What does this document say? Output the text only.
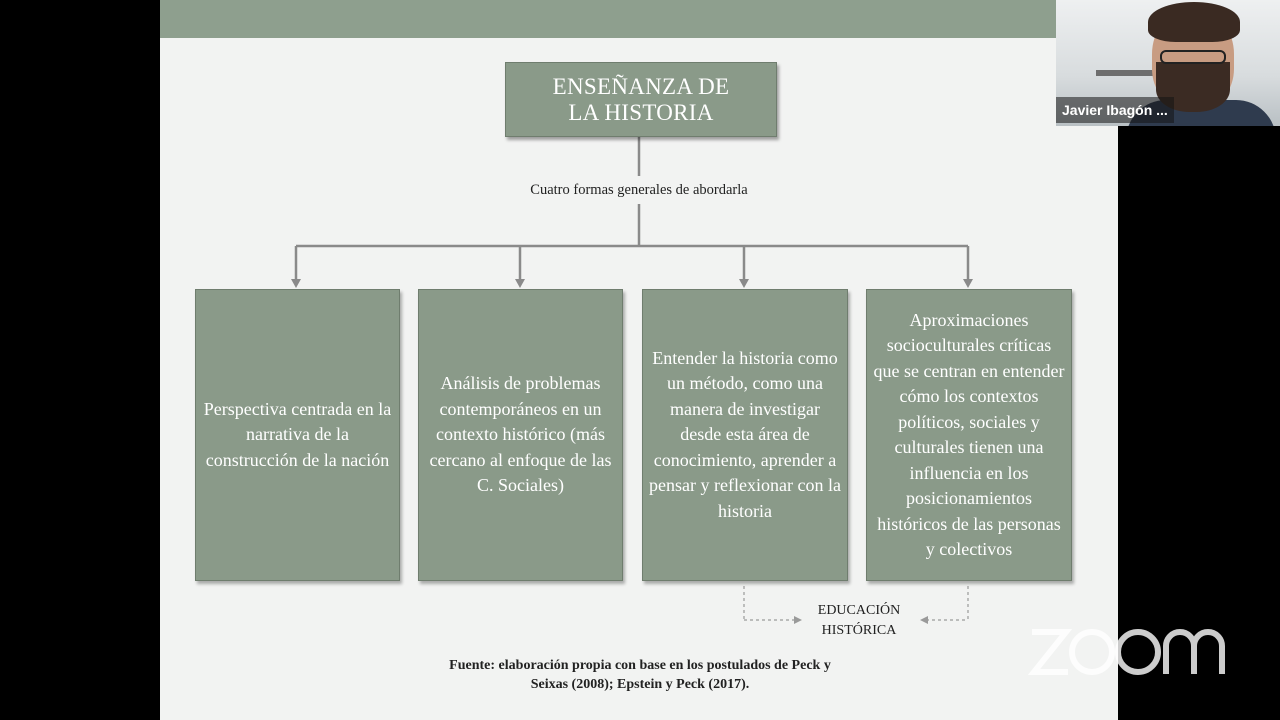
ENSEÑANZA DE LA HISTORIA
Cuatro formas generales de abordarla
Perspectiva centrada en la narrativa de la construcción de la nación
Análisis de problemas contemporáneos en un contexto histórico (más cercano al enfoque de las C. Sociales)
Entender la historia como un método, como una manera de investigar desde esta área de conocimiento, aprender a pensar y reflexionar con la historia
Aproximaciones socioculturales críticas que se centran en entender cómo los contextos políticos, sociales y culturales tienen una influencia en los posicionamientos históricos de las personas y colectivos
EDUCACIÓN HISTÓRICA
Fuente: elaboración propia con base en los postulados de Peck y Seixas (2008); Epstein y Peck (2017).
Javier Ibagón ...
zoom
